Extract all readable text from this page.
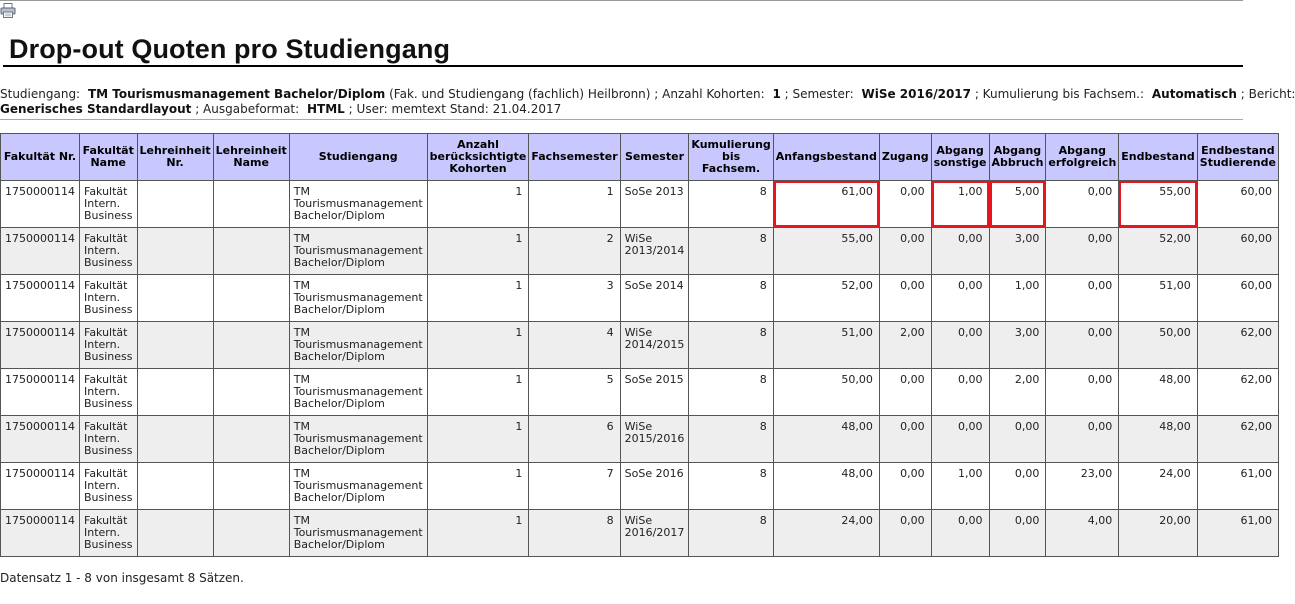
Drop-out Quoten pro Studiengang
Studiengang: TM Tourismusmanagement Bachelor/Diplom (Fak. und Studiengang (fachlich) Heilbronn) ; Anzahl Kohorten: 1 ; Semester: WiSe 2016/2017 ; Kumulierung bis Fachsem.: Automatisch ; Bericht:
Generisches Standardlayout ; Ausgabeformat: HTML ; User: memtext Stand: 21.04.2017
Fakultät Nr.	Fakultät Name	Lehreinheit Nr.	Lehreinheit Name	Studiengang	Anzahl berücksichtigte Kohorten	Fachsemester	Semester	Kumulierung bis Fachsem.	Anfangsbestand	Zugang	Abgang sonstige	Abgang Abbruch	Abgang erfolgreich	Endbestand	Endbestand Studierende
1750000114	Fakultät Intern. Business			TM Tourismusmanagement Bachelor/Diplom	1	1	SoSe 2013	8	61,00	0,00	1,00	5,00	0,00	55,00	60,00
1750000114	Fakultät Intern. Business			TM Tourismusmanagement Bachelor/Diplom	1	2	WiSe 2013/2014	8	55,00	0,00	0,00	3,00	0,00	52,00	60,00
1750000114	Fakultät Intern. Business			TM Tourismusmanagement Bachelor/Diplom	1	3	SoSe 2014	8	52,00	0,00	0,00	1,00	0,00	51,00	60,00
1750000114	Fakultät Intern. Business			TM Tourismusmanagement Bachelor/Diplom	1	4	WiSe 2014/2015	8	51,00	2,00	0,00	3,00	0,00	50,00	62,00
1750000114	Fakultät Intern. Business			TM Tourismusmanagement Bachelor/Diplom	1	5	SoSe 2015	8	50,00	0,00	0,00	2,00	0,00	48,00	62,00
1750000114	Fakultät Intern. Business			TM Tourismusmanagement Bachelor/Diplom	1	6	WiSe 2015/2016	8	48,00	0,00	0,00	0,00	0,00	48,00	62,00
1750000114	Fakultät Intern. Business			TM Tourismusmanagement Bachelor/Diplom	1	7	SoSe 2016	8	48,00	0,00	1,00	0,00	23,00	24,00	61,00
1750000114	Fakultät Intern. Business			TM Tourismusmanagement Bachelor/Diplom	1	8	WiSe 2016/2017	8	24,00	0,00	0,00	0,00	4,00	20,00	61,00
Datensatz 1 - 8 von insgesamt 8 Sätzen.
